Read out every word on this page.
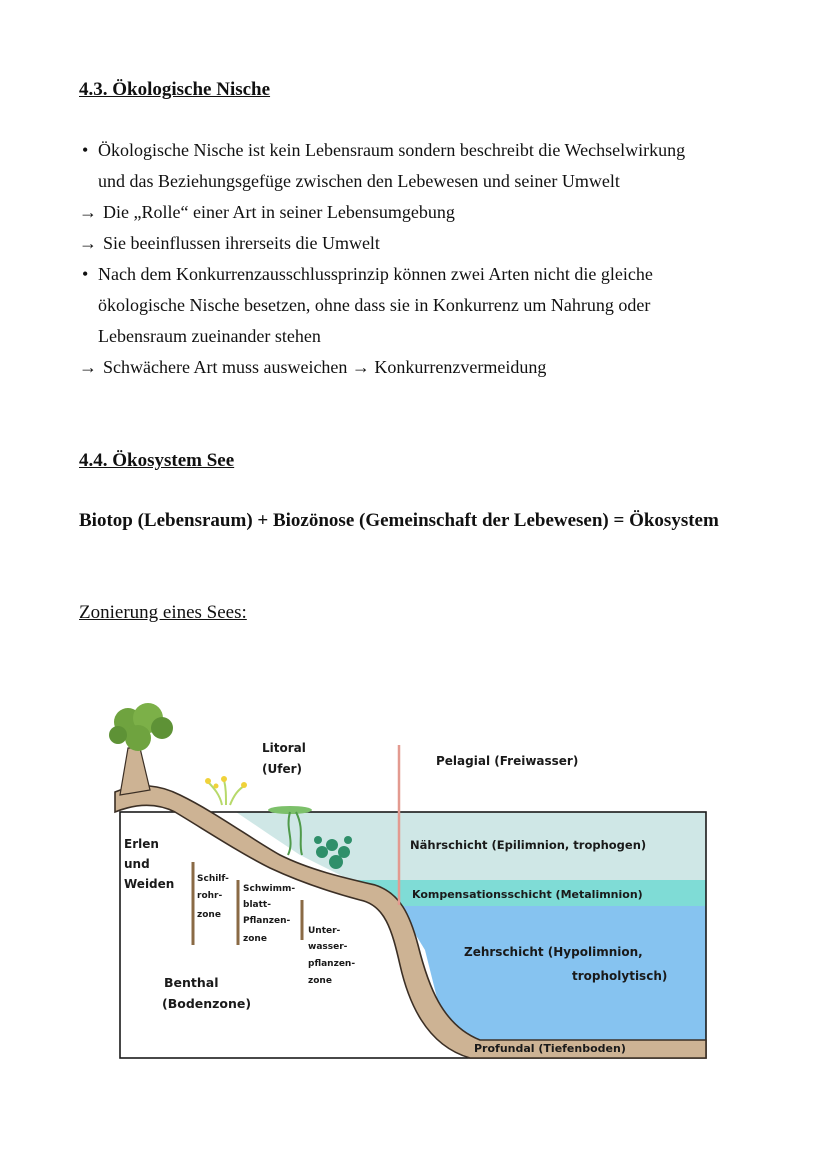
4.3. Ökologische Nische
• Ökologische Nische ist kein Lebensraum sondern beschreibt die Wechselwirkung
und das Beziehungsgefüge zwischen den Lebewesen und seiner Umwelt
→ Die „Rolle“ einer Art in seiner Lebensumgebung
→ Sie beeinflussen ihrerseits die Umwelt
• Nach dem Konkurrenzausschlussprinzip können zwei Arten nicht die gleiche
ökologische Nische besetzen, ohne dass sie in Konkurrenz um Nahrung oder
Lebensraum zueinander stehen
→ Schwächere Art muss ausweichen → Konkurrenzvermeidung
4.4. Ökosystem See
Biotop (Lebensraum) + Biozönose (Gemeinschaft der Lebewesen) = Ökosystem
Zonierung eines Sees:
Litoral
(Ufer)
Pelagial (Freiwasser)
Erlen
und
Weiden	Schilf-
rohr-
zone
Schwimm-
blatt-
Pflanzen-
zone
Unter-
wasser-
pflanzen-
zone
Nährschicht (Epilimnion, trophogen)
Kompensationsschicht (Metalimnion)
Zehrschicht (Hypolimnion,
tropholytisch)
Benthal
(Bodenzone)
Profundal (Tiefenboden)
